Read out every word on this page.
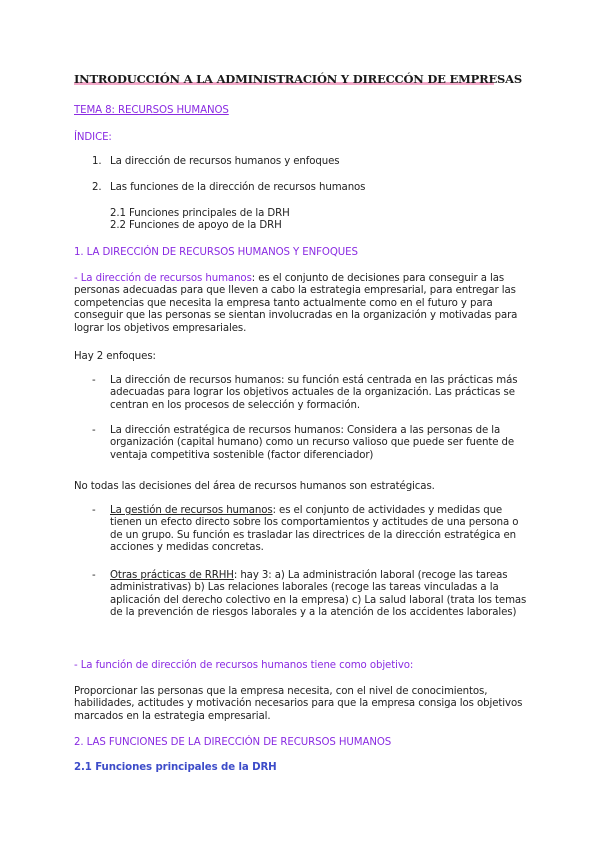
INTRODUCCIÓN A LA ADMINISTRACIÓN Y DIRECCÓN DE EMPRESAS
TEMA 8: RECURSOS HUMANOS
ÍNDICE:
1. La dirección de recursos humanos y enfoques
2. Las funciones de la dirección de recursos humanos
2.1 Funciones principales de la DRH
2.2 Funciones de apoyo de la DRH
1. LA DIRECCIÓN DE RECURSOS HUMANOS Y ENFOQUES
- La dirección de recursos humanos: es el conjunto de decisiones para conseguir a las personas adecuadas para que lleven a cabo la estrategia empresarial, para entregar las competencias que necesita la empresa tanto actualmente como en el futuro y para conseguir que las personas se sientan involucradas en la organización y motivadas para lograr los objetivos empresariales.
Hay 2 enfoques:
- La dirección de recursos humanos: su función está centrada en las prácticas más adecuadas para lograr los objetivos actuales de la organización. Las prácticas se centran en los procesos de selección y formación.
- La dirección estratégica de recursos humanos: Considera a las personas de la organización (capital humano) como un recurso valioso que puede ser fuente de ventaja competitiva sostenible (factor diferenciador)
No todas las decisiones del área de recursos humanos son estratégicas.
- La gestión de recursos humanos: es el conjunto de actividades y medidas que tienen un efecto directo sobre los comportamientos y actitudes de una persona o de un grupo. Su función es trasladar las directrices de la dirección estratégica en acciones y medidas concretas.
- Otras prácticas de RRHH: hay 3: a) La administración laboral (recoge las tareas administrativas) b) Las relaciones laborales (recoge las tareas vinculadas a la aplicación del derecho colectivo en la empresa) c) La salud laboral (trata los temas de la prevención de riesgos laborales y a la atención de los accidentes laborales)
- La función de dirección de recursos humanos tiene como objetivo:
Proporcionar las personas que la empresa necesita, con el nivel de conocimientos, habilidades, actitudes y motivación necesarios para que la empresa consiga los objetivos marcados en la estrategia empresarial.
2. LAS FUNCIONES DE LA DIRECCIÓN DE RECURSOS HUMANOS
2.1 Funciones principales de la DRH
